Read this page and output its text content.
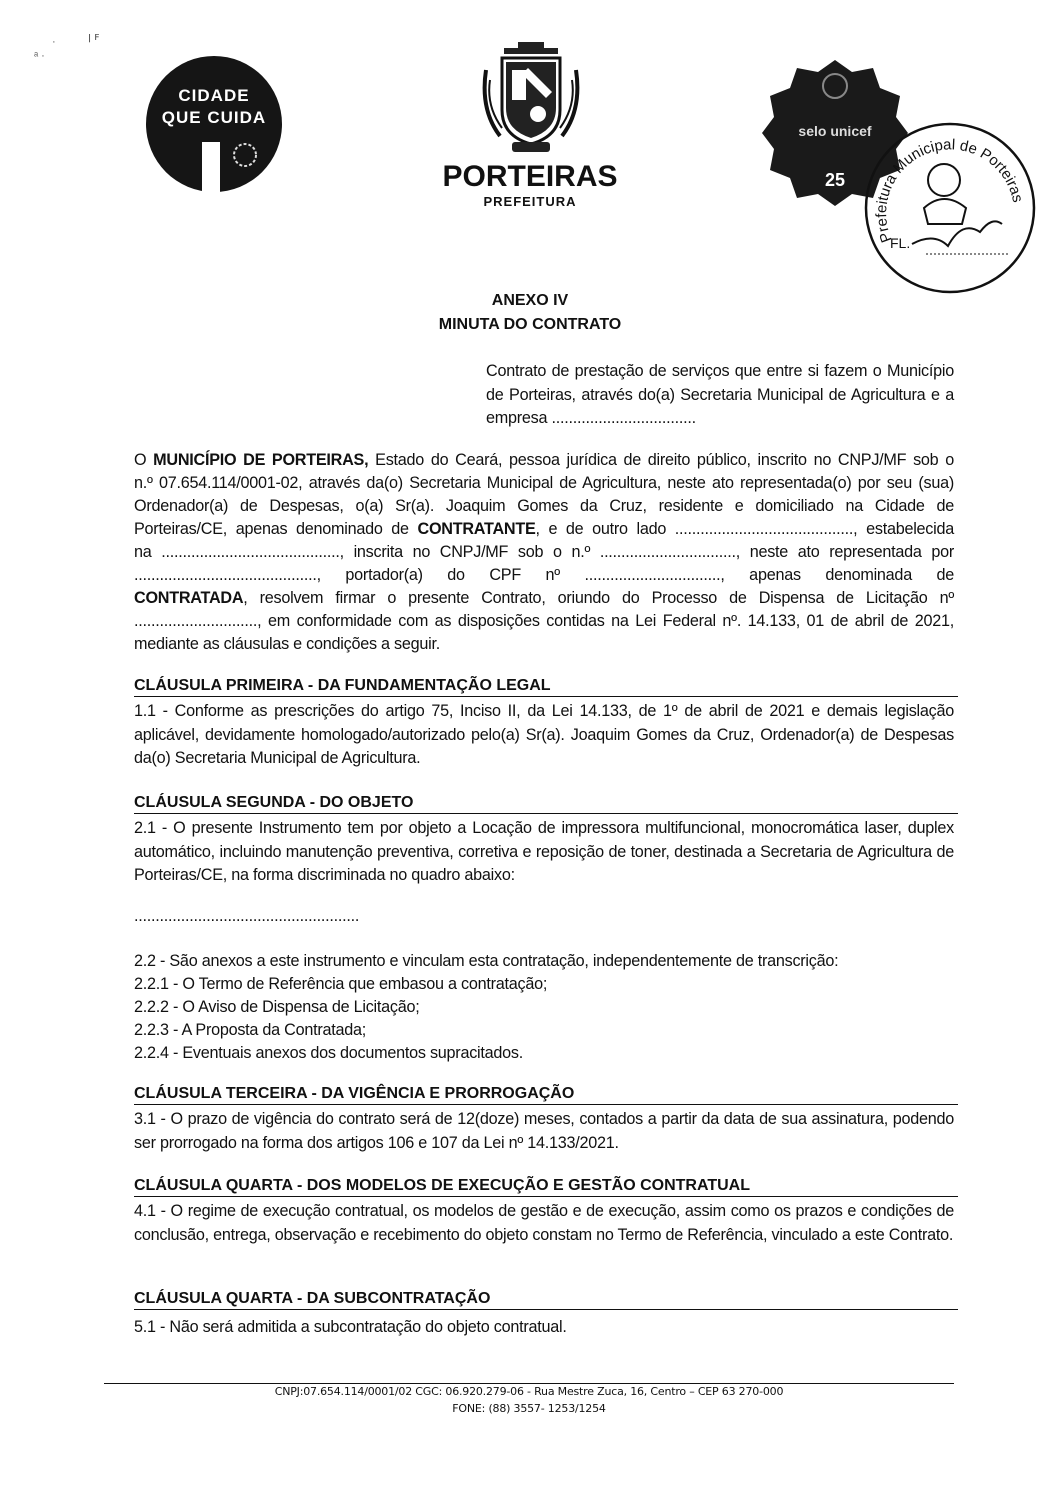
·	ꞁ ꜰ
ᵃ ·
CIDADE
QUE CUIDA
PORTEIRAS
PREFEITURA
selo unicef
25
Prefeitura Municipal de Porteiras
FL.
ANEXO IV
MINUTA DO CONTRATO
Contrato de prestação de serviços que entre si fazem o Município de Porteiras, através do(a) Secretaria Municipal de Agricultura e a empresa ..................................
O MUNICÍPIO DE PORTEIRAS, Estado do Ceará, pessoa jurídica de direito público, inscrito no CNPJ/MF sob o
n.º 07.654.114/0001-02, através da(o) Secretaria Municipal de Agricultura, neste ato representada(o) por seu (sua)
Ordenador(a) de Despesas, o(a) Sr(a). Joaquim Gomes da Cruz, residente e domiciliado na Cidade de
Porteiras/CE, apenas denominado de CONTRATANTE, e de outro lado .........................................., estabelecida
na .........................................., inscrita no CNPJ/MF sob o n.º ................................, neste ato representada por
..........................................., portador(a) do CPF nº ................................, apenas denominada de
CONTRATADA, resolvem firmar o presente Contrato, oriundo do Processo de Dispensa de Licitação nº
............................., em conformidade com as disposições contidas na Lei Federal nº. 14.133, 01 de abril de 2021,
mediante as cláusulas e condições a seguir.
CLÁUSULA PRIMEIRA - DA FUNDAMENTAÇÃO LEGAL
1.1 - Conforme as prescrições do artigo 75, Inciso II, da Lei 14.133, de 1º de abril de 2021 e demais legislação aplicável, devidamente homologado/autorizado pelo(a) Sr(a). Joaquim Gomes da Cruz, Ordenador(a) de Despesas da(o) Secretaria Municipal de Agricultura.
CLÁUSULA SEGUNDA - DO OBJETO
2.1 - O presente Instrumento tem por objeto a Locação de impressora multifuncional, monocromática laser, duplex automático, incluindo manutenção preventiva, corretiva e reposição de toner, destinada a Secretaria de Agricultura de Porteiras/CE, na forma discriminada no quadro abaixo:
.....................................................
2.2 - São anexos a este instrumento e vinculam esta contratação, independentemente de transcrição:
2.2.1 - O Termo de Referência que embasou a contratação;
2.2.2 - O Aviso de Dispensa de Licitação;
2.2.3 - A Proposta da Contratada;
2.2.4 - Eventuais anexos dos documentos supracitados.
CLÁUSULA TERCEIRA - DA VIGÊNCIA E PRORROGAÇÃO
3.1 - O prazo de vigência do contrato será de 12(doze) meses, contados a partir da data de sua assinatura, podendo ser prorrogado na forma dos artigos 106 e 107 da Lei nº 14.133/2021.
CLÁUSULA QUARTA - DOS MODELOS DE EXECUÇÃO E GESTÃO CONTRATUAL
4.1 - O regime de execução contratual, os modelos de gestão e de execução, assim como os prazos e condições de conclusão, entrega, observação e recebimento do objeto constam no Termo de Referência, vinculado a este Contrato.
CLÁUSULA QUARTA - DA SUBCONTRATAÇÃO
5.1 - Não será admitida a subcontratação do objeto contratual.
CNPJ:07.654.114/0001/02 CGC: 06.920.279-06 - Rua Mestre Zuca, 16, Centro – CEP 63 270-000
FONE: (88) 3557- 1253/1254
